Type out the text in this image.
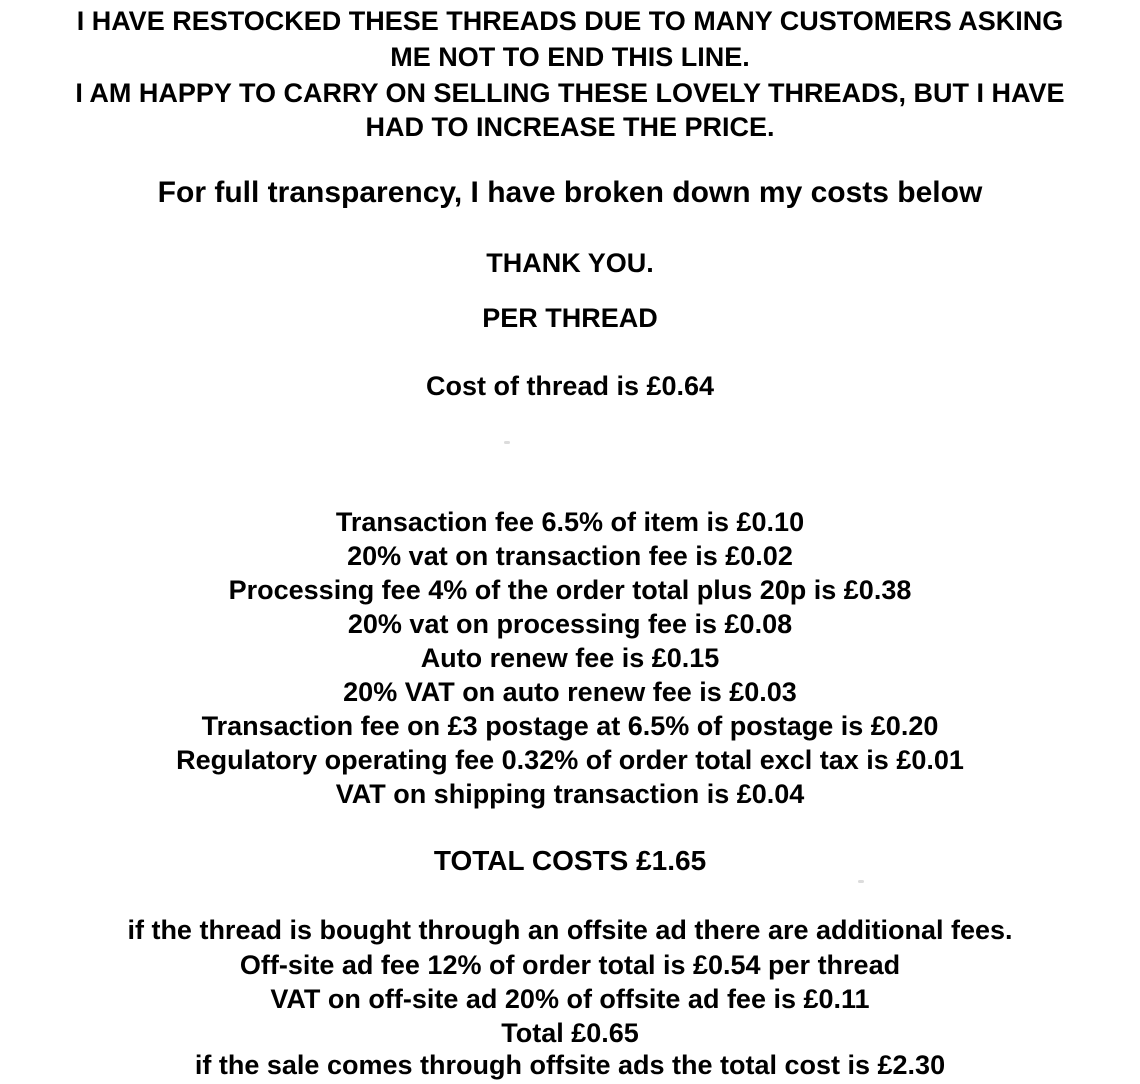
I HAVE RESTOCKED THESE THREADS DUE TO MANY CUSTOMERS ASKING
ME NOT TO END THIS LINE.
I AM HAPPY TO CARRY ON SELLING THESE LOVELY THREADS, BUT I HAVE
HAD TO INCREASE THE PRICE.
For full transparency, I have broken down my costs below
THANK YOU.
PER THREAD
Cost of thread is £0.64
Transaction fee 6.5% of item is £0.10
20% vat on transaction fee is £0.02
Processing fee 4% of the order total plus 20p is £0.38
20% vat on processing fee is £0.08
Auto renew fee is £0.15
20% VAT on auto renew fee is £0.03
Transaction fee on £3 postage at 6.5% of postage is £0.20
Regulatory operating fee 0.32% of order total excl tax is £0.01
VAT on shipping transaction is £0.04
TOTAL COSTS £1.65
if the thread is bought through an offsite ad there are additional fees.
Off-site ad fee 12% of order total is £0.54 per thread
VAT on off-site ad 20% of offsite ad fee is £0.11
Total £0.65
if the sale comes through offsite ads the total cost is £2.30
